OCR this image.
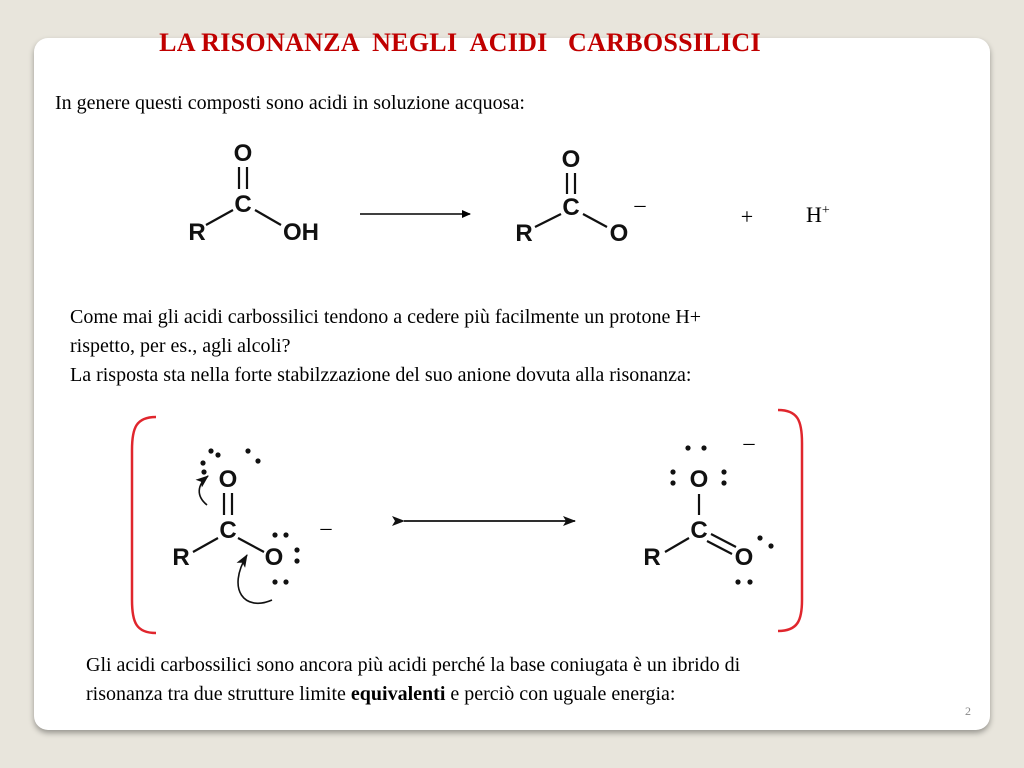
LA RISONANZA  NEGLI  ACIDI   CARBOSSILICI

In genere questi composti sono acidi in soluzione acquosa:

Come mai gli acidi carbossilici tendono a cedere più facilmente un protone H+
rispetto, per es., agli alcoli?
La risposta sta nella forte stabilzzazione del suo anione dovuta alla risonanza:

Gli acidi carbossilici sono ancora più acidi perché la base coniugata è un ibrido di
risonanza tra due strutture limite equivalenti e perciò con uguale energia:

2
O
C
R	OH
O
C
R	O
_
+ H+
O
C
R	O
_
O
C
R	O
_
